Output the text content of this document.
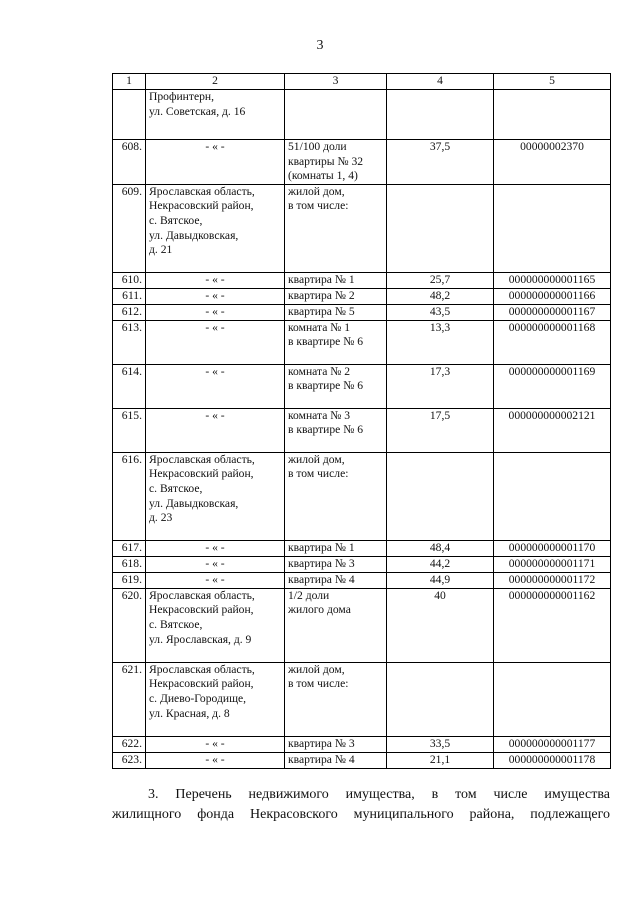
3
1	2	3	4	5
	Профинтерн,
ул. Советская, д. 16			
608.	- « -	51/100 доли
квартиры № 32
(комнаты 1, 4)	37,5	00000002370
609.	Ярославская область,
Некрасовский район,
с. Вятское,
ул. Давыдковская,
д. 21	жилой дом,
в том числе:		
610.	- « -	квартира № 1	25,7	000000000001165
611.	- « -	квартира № 2	48,2	000000000001166
612.	- « -	квартира № 5	43,5	000000000001167
613.	- « -	комната № 1
в квартире № 6	13,3	000000000001168
614.	- « -	комната № 2
в квартире № 6	17,3	000000000001169
615.	- « -	комната № 3
в квартире № 6	17,5	000000000002121
616.	Ярославская область,
Некрасовский район,
с. Вятское,
ул. Давыдковская,
д. 23	жилой дом,
в том числе:		
617.	- « -	квартира № 1	48,4	000000000001170
618.	- « -	квартира № 3	44,2	000000000001171
619.	- « -	квартира № 4	44,9	000000000001172
620.	Ярославская область,
Некрасовский район,
с. Вятское,
ул. Ярославская, д. 9	1/2 доли
жилого дома	40	000000000001162
621.	Ярославская область,
Некрасовский район,
с. Диево-Городище,
ул. Красная, д. 8	жилой дом,
в том числе:		
622.	- « -	квартира № 3	33,5	000000000001177
623.	- « -	квартира № 4	21,1	000000000001178
3. Перечень недвижимого имущества, в том числе имущества
жилищного фонда Некрасовского муниципального района, подлежащего
